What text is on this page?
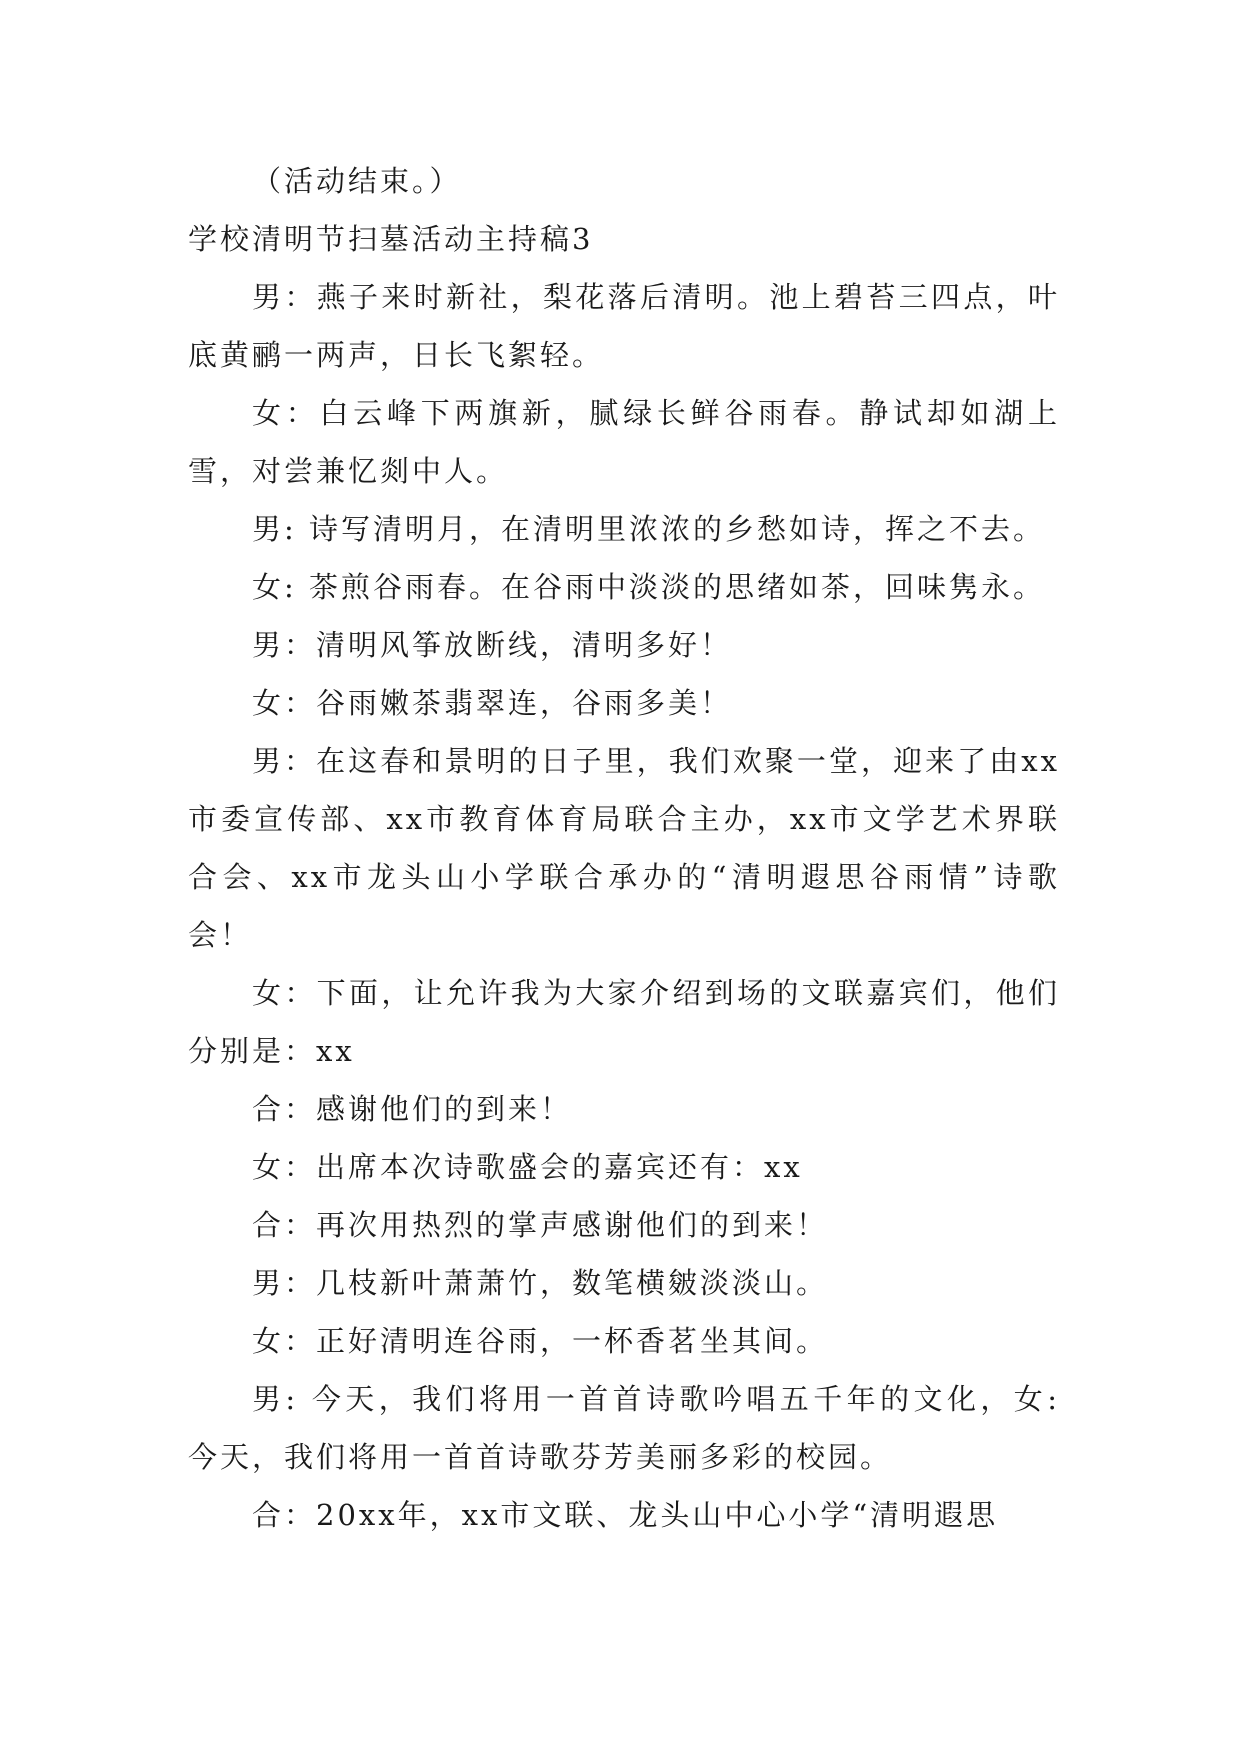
（活动结束。）

学校清明节扫墓活动主持稿3

男：燕子来时新社，梨花落后清明。池上碧苔三四点，叶底黄鹂一两声，日长飞絮轻。

女：白云峰下两旗新，腻绿长鲜谷雨春。静试却如湖上雪，对尝兼忆剡中人。

男: 诗写清明月，在清明里浓浓的乡愁如诗，挥之不去。

女: 茶煎谷雨春。在谷雨中淡淡的思绪如茶，回味隽永。

男：清明风筝放断线，清明多好！

女：谷雨嫩茶翡翠连，谷雨多美！

男：在这春和景明的日子里，我们欢聚一堂，迎来了由xx市委宣传部、xx市教育体育局联合主办，xx市文学艺术界联合会、xx市龙头山小学联合承办的“清明遐思谷雨情”诗歌会！

女：下面，让允许我为大家介绍到场的文联嘉宾们，他们分别是：xx

合：感谢他们的到来！

女：出席本次诗歌盛会的嘉宾还有：xx

合：再次用热烈的掌声感谢他们的到来！

男：几枝新叶萧萧竹，数笔横皴淡淡山。

女：正好清明连谷雨，一杯香茗坐其间。

男: 今天，我们将用一首首诗歌吟唱五千年的文化，女: 今天，我们将用一首首诗歌芬芳美丽多彩的校园。

合：20xx年，xx市文联、龙头山中心小学“清明遐思
